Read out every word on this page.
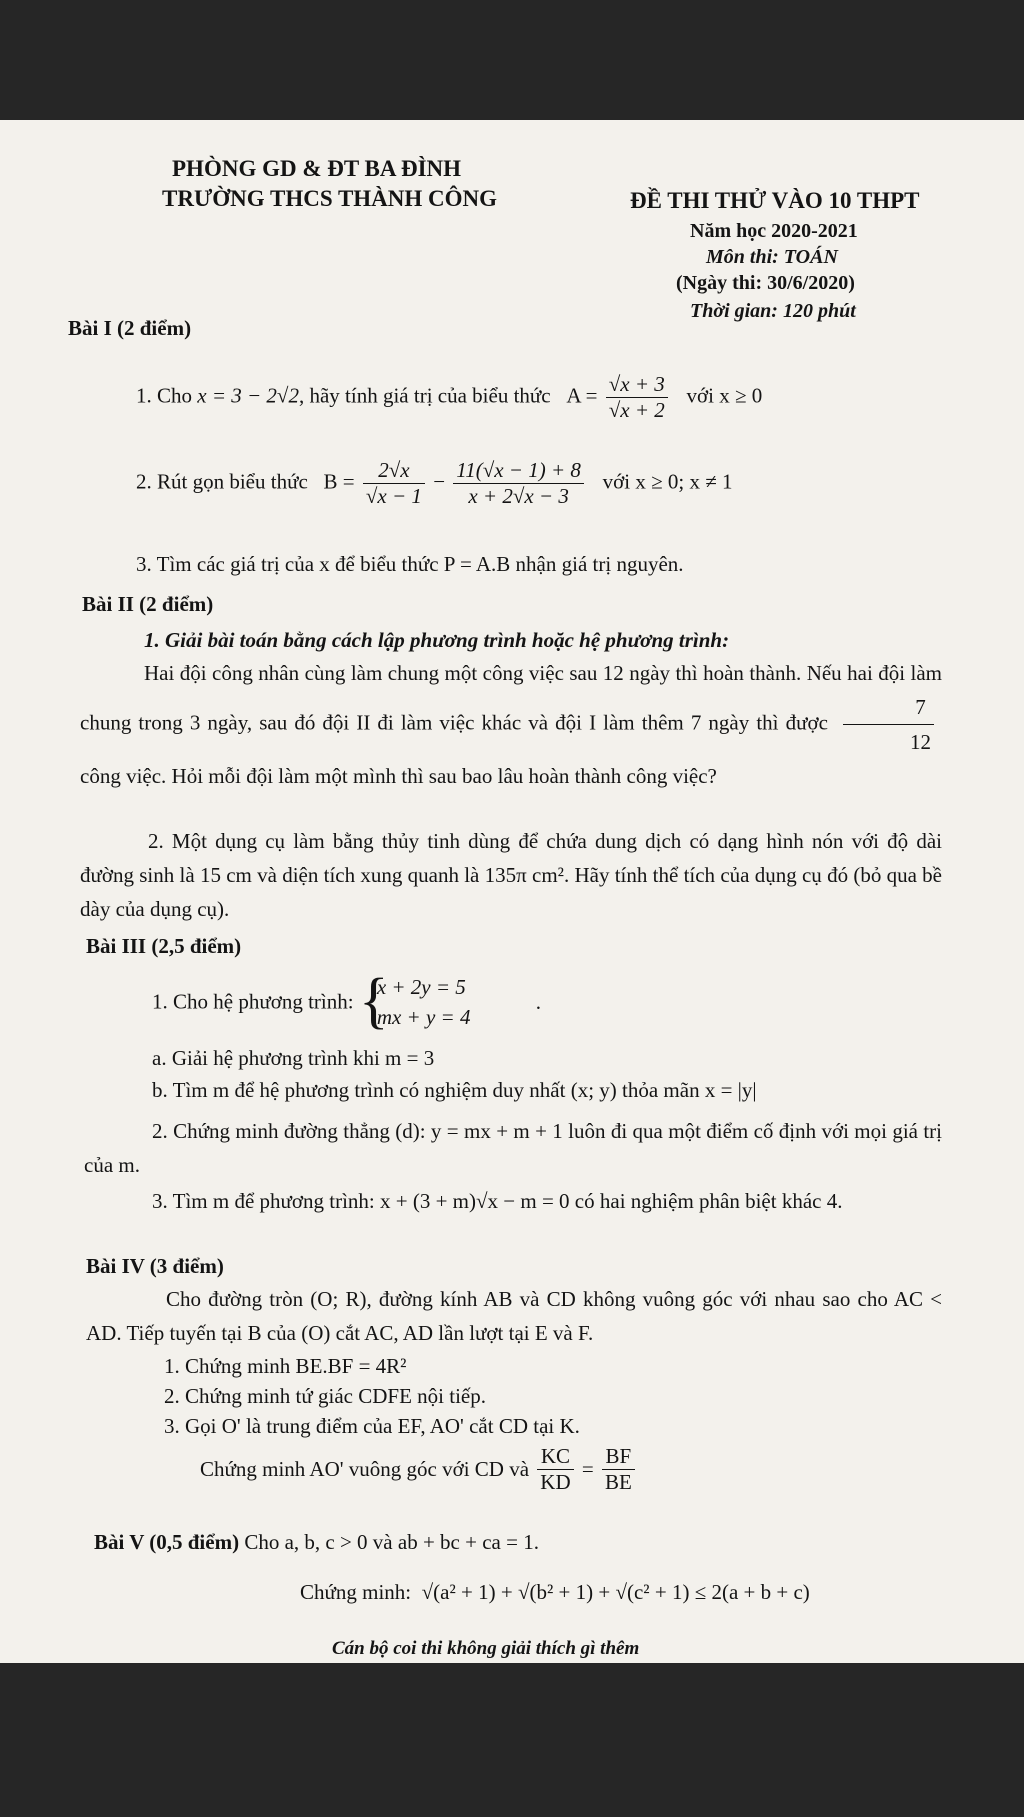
PHÒNG GD & ĐT BA ĐÌNH
TRƯỜNG THCS THÀNH CÔNG	ĐỀ THI THỬ VÀO 10 THPT
Năm học 2020-2021
Môn thi: TOÁN
(Ngày thi: 30/6/2020)
Thời gian: 120 phút
Bài I (2 điểm)
1. Cho x = 3 − 2√2, hãy tính giá trị của biểu thức $A = \frac{√x + 3}{√x + 2}$ với x ≥ 0
2. Rút gọn biểu thức $B = \frac{2√x}{√x - 1} - \frac{11(√x - 1) + 8}{x + 2√x - 3}$ với x ≥ 0; x ≠ 1
3. Tìm các giá trị của x để biểu thức P = A.B nhận giá trị nguyên.
Bài II (2 điểm)
1. Giải bài toán bằng cách lập phương trình hoặc hệ phương trình:
Hai đội công nhân cùng làm chung một công việc sau 12 ngày thì hoàn thành. Nếu hai đội làm chung trong 3 ngày, sau đó đội II đi làm việc khác và đội I làm thêm 7 ngày thì được $\frac{7}{12}$
công việc. Hỏi mỗi đội làm một mình thì sau bao lâu hoàn thành công việc?
2. Một dụng cụ làm bằng thủy tinh dùng để chứa dung dịch có dạng hình nón với độ dài đường sinh là 15 cm và diện tích xung quanh là 135π cm². Hãy tính thể tích của dụng cụ đó (bỏ qua bề dày của dụng cụ).
Bài III (2,5 điểm)
1. Cho hệ phương trình: {
x + 2y = 5
mx + y = 4
.
a. Giải hệ phương trình khi m = 3
b. Tìm m để hệ phương trình có nghiệm duy nhất (x; y) thỏa mãn x = |y|
2. Chứng minh đường thẳng (d): y = mx + m + 1 luôn đi qua một điểm cố định với mọi giá trị của m.
3. Tìm m để phương trình: x + (3 + m)√x − m = 0 có hai nghiệm phân biệt khác 4.
Bài IV (3 điểm)
Cho đường tròn (O; R), đường kính AB và CD không vuông góc với nhau sao cho AC < AD. Tiếp tuyến tại B của (O) cắt AC, AD lần lượt tại E và F.
1. Chứng minh BE.BF = 4R²
2. Chứng minh tứ giác CDFE nội tiếp.
3. Gọi O' là trung điểm của EF, AO' cắt CD tại K.
Chứng minh AO' vuông góc với CD và $\frac{KC}{KD} = \frac{BF}{BE}$
Bài V (0,5 điểm) Cho a, b, c > 0 và ab + bc + ca = 1.
Chứng minh: √(a² + 1) + √(b² + 1) + √(c² + 1) ≤ 2(a + b + c)
Cán bộ coi thi không giải thích gì thêm
